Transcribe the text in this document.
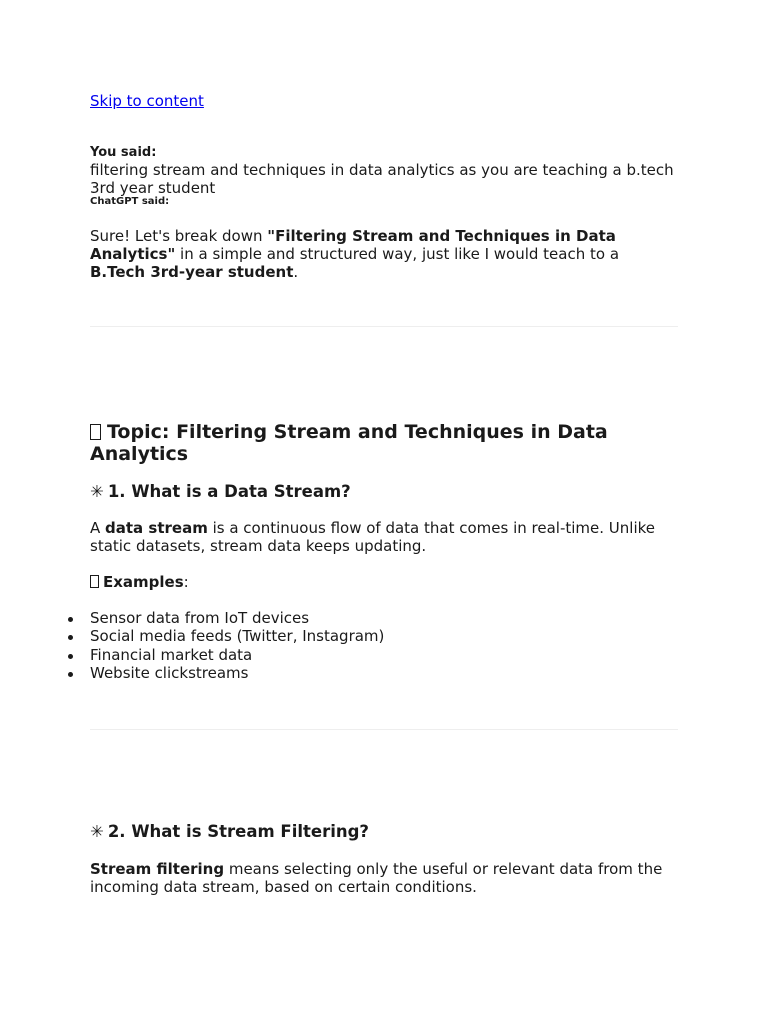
Skip to content
You said:
filtering stream and techniques in data analytics as you are teaching a b.tech 3rd year student
ChatGPT said:

Sure! Let's break down "Filtering Stream and Techniques in Data Analytics" in a simple and structured way, just like I would teach to a B.Tech 3rd-year student.

Topic: Filtering Stream and Techniques in Data Analytics
✳ 1. What is a Data Stream?

A data stream is a continuous flow of data that comes in real-time. Unlike static datasets, stream data keeps updating.

Examples:

Sensor data from IoT devices
Social media feeds (Twitter, Instagram)
Financial market data
Website clickstreams
✳ 2. What is Stream Filtering?

Stream filtering means selecting only the useful or relevant data from the incoming data stream, based on certain conditions.
